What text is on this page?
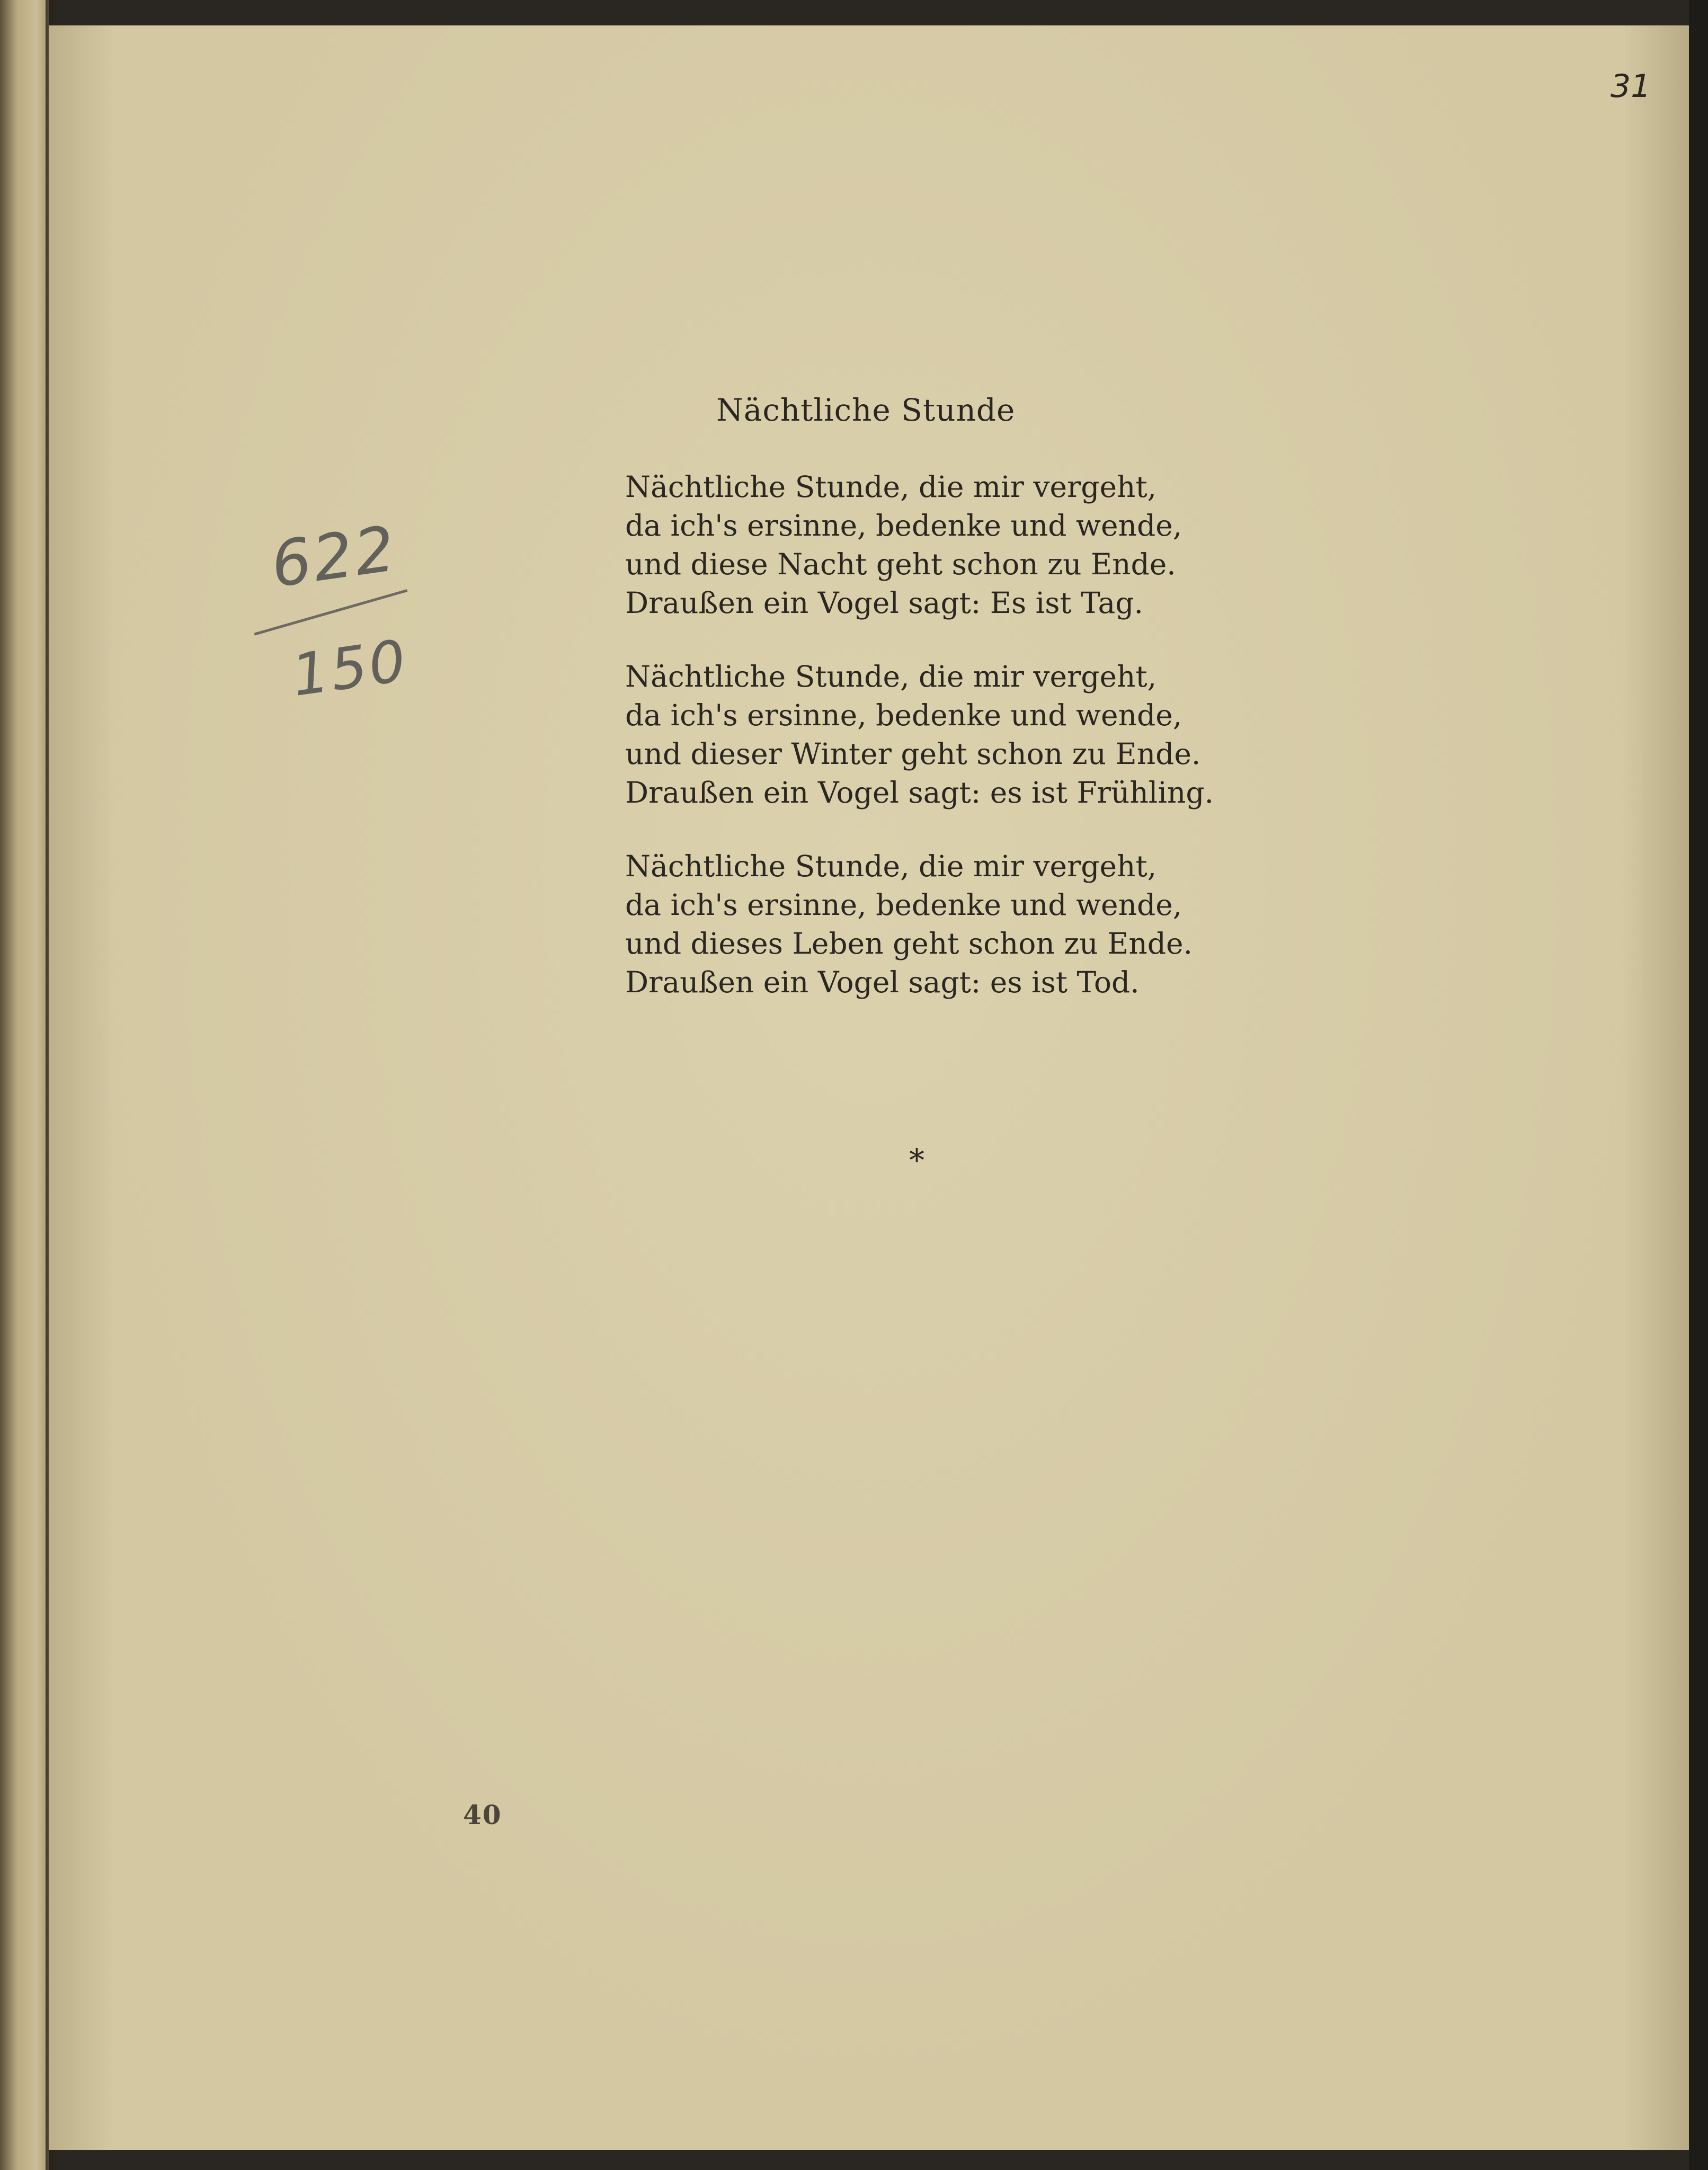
31
622
150
Nächtliche Stunde
Nächtliche Stunde, die mir vergeht,
da ich's ersinne, bedenke und wende,
und diese Nacht geht schon zu Ende.
Draußen ein Vogel sagt: Es ist Tag.
Nächtliche Stunde, die mir vergeht,
da ich's ersinne, bedenke und wende,
und dieser Winter geht schon zu Ende.
Draußen ein Vogel sagt: es ist Frühling.
Nächtliche Stunde, die mir vergeht,
da ich's ersinne, bedenke und wende,
und dieses Leben geht schon zu Ende.
Draußen ein Vogel sagt: es ist Tod.
*
40
